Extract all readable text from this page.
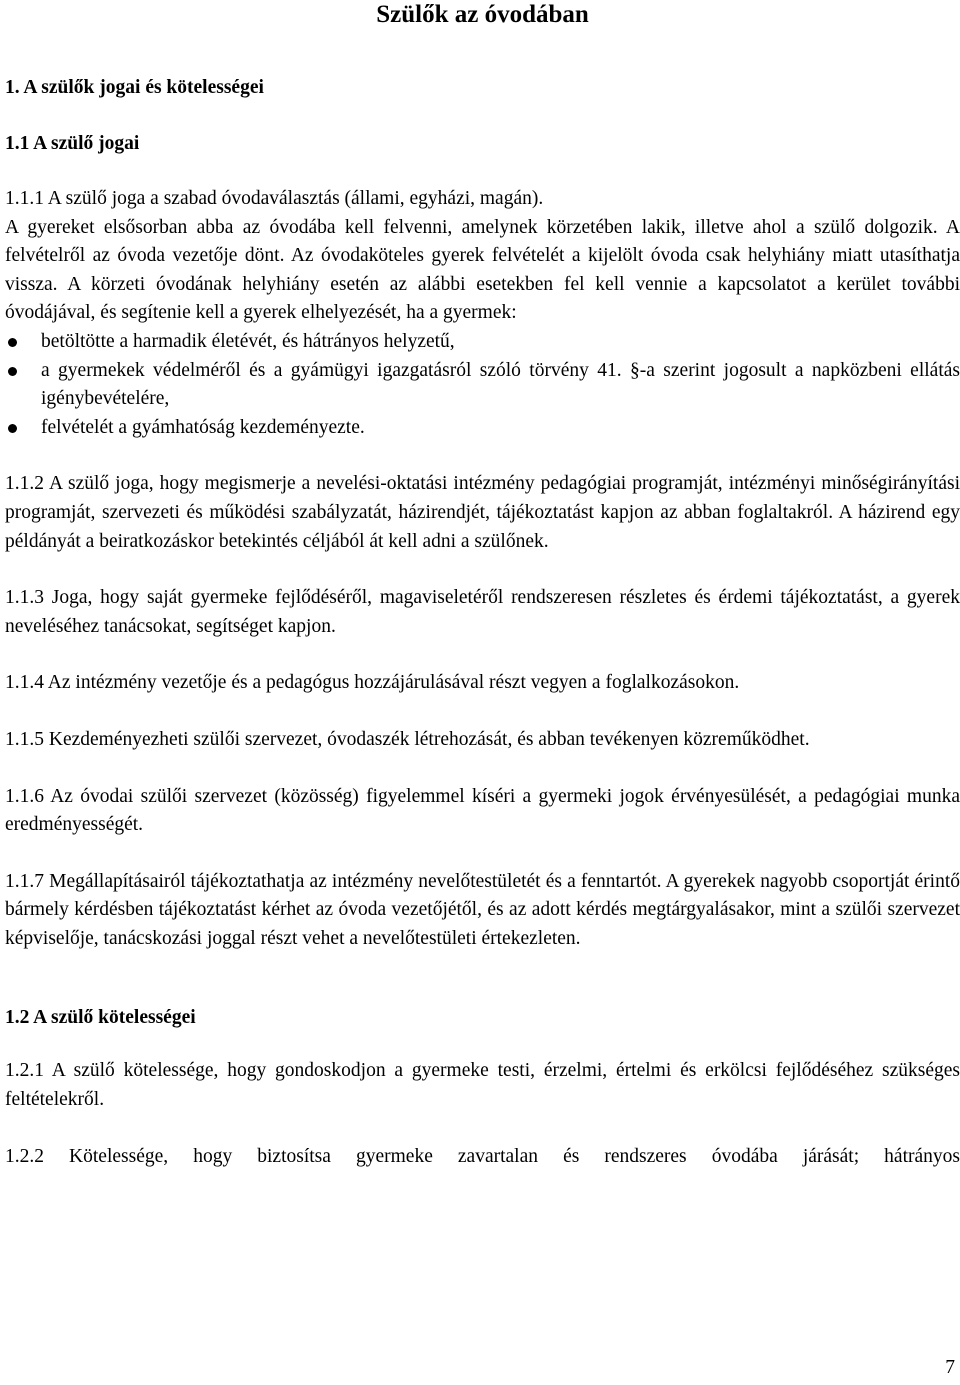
Szülők az óvodában
1. A szülők jogai és kötelességei
1.1 A szülő jogai

1.1.1 A szülő joga a szabad óvodaválasztás (állami, egyházi, magán).

A gyereket elsősorban abba az óvodába kell felvenni, amelynek körzetében lakik, illetve ahol a szülő dolgozik. A felvételről az óvoda vezetője dönt. Az óvodaköteles gyerek felvételét a kijelölt óvoda csak helyhiány miatt utasíthatja vissza. A körzeti óvodának helyhiány esetén az alábbi esetekben fel kell vennie a kapcsolatot a kerület további óvodájával, és segítenie kell a gyerek elhelyezését, ha a gyermek:

betöltötte a harmadik életévét, és hátrányos helyzetű,
a gyermekek védelméről és a gyámügyi igazgatásról szóló törvény 41. §-a szerint jogosult a napközbeni ellátás igénybevételére,
felvételét a gyámhatóság kezdeményezte.

1.1.2 A szülő joga, hogy megismerje a nevelési-oktatási intézmény pedagógiai programját, intézményi minőségirányítási programját, szervezeti és működési szabályzatát, házirendjét, tájékoztatást kapjon az abban foglaltakról. A házirend egy példányát a beiratkozáskor betekintés céljából át kell adni a szülőnek.

1.1.3 Joga, hogy saját gyermeke fejlődéséről, magaviseletéről rendszeresen részletes és érdemi tájékoztatást, a gyerek neveléséhez tanácsokat, segítséget kapjon.

1.1.4 Az intézmény vezetője és a pedagógus hozzájárulásával részt vegyen a foglalkozásokon.

1.1.5 Kezdeményezheti szülői szervezet, óvodaszék létrehozását, és abban tevékenyen közreműködhet.

1.1.6 Az óvodai szülői szervezet (közösség) figyelemmel kíséri a gyermeki jogok érvényesülését, a pedagógiai munka eredményességét.

1.1.7 Megállapításairól tájékoztathatja az intézmény nevelőtestületét és a fenntartót. A gyerekek nagyobb csoportját érintő bármely kérdésben tájékoztatást kérhet az óvoda vezetőjétől, és az adott kérdés megtárgyalásakor, mint a szülői szervezet képviselője, tanácskozási joggal részt vehet a nevelőtestületi értekezleten.

1.2 A szülő kötelességei

1.2.1 A szülő kötelessége, hogy gondoskodjon a gyermeke testi, érzelmi, értelmi és erkölcsi fejlődéséhez szükséges feltételekről.

1.2.2 Kötelessége, hogy biztosítsa gyermeke zavartalan és rendszeres óvodába járását; hátrányos

7
